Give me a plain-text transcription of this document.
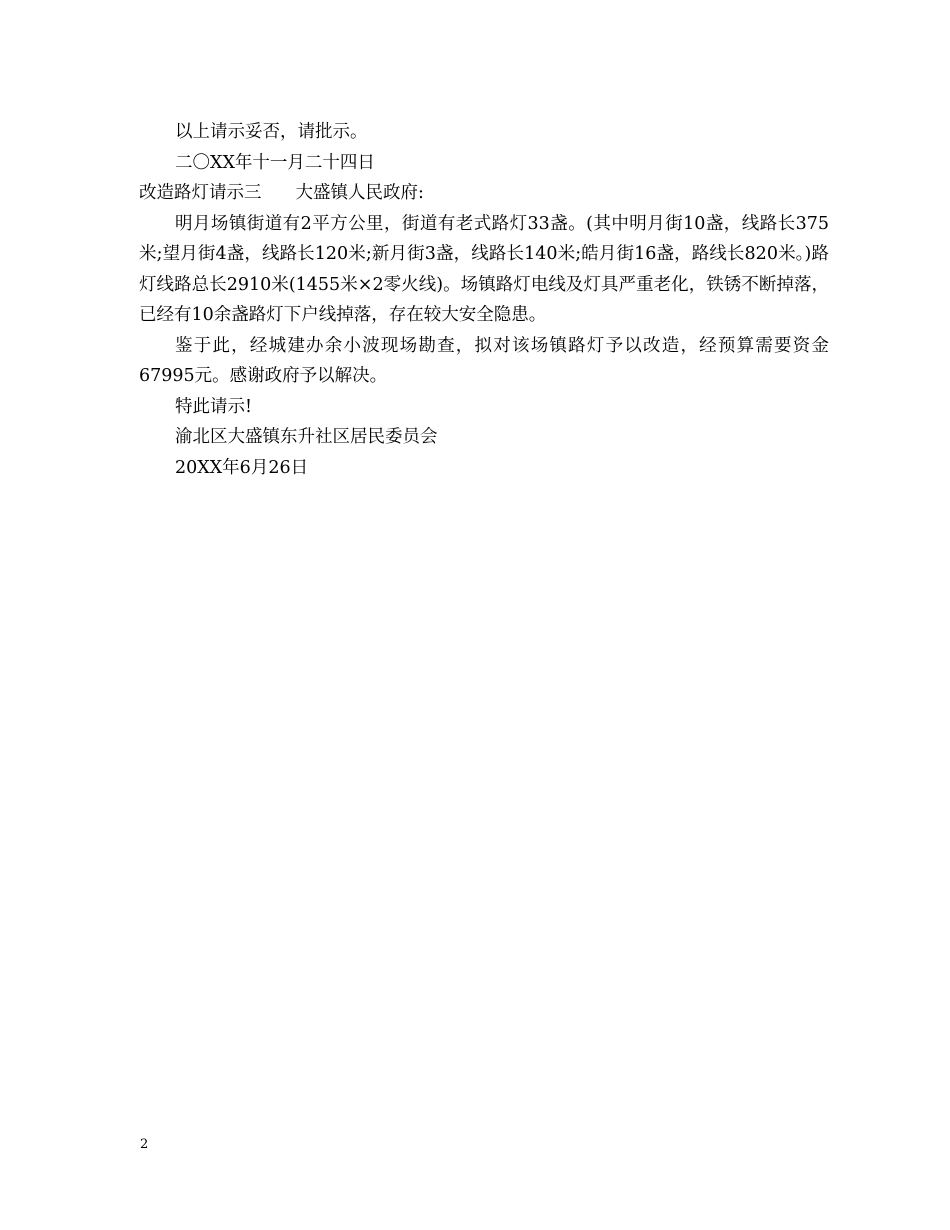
以上请示妥否，请批示。

二〇XX年十一月二十四日

改造路灯请示三 大盛镇人民政府:

明月场镇街道有2平方公里，街道有老式路灯33盏。(其中明月街10盏，线路长375米;望月街4盏，线路长120米;新月街3盏，线路长140米;皓月街16盏，路线长820米。)路灯线路总长2910米(1455米×2零火线)。场镇路灯电线及灯具严重老化，铁锈不断掉落，已经有10余盏路灯下户线掉落，存在较大安全隐患。

鉴于此，经城建办余小波现场勘查，拟对该场镇路灯予以改造，经预算需要资金67995元。感谢政府予以解决。

特此请示!

渝北区大盛镇东升社区居民委员会

20XX年6月26日

2
